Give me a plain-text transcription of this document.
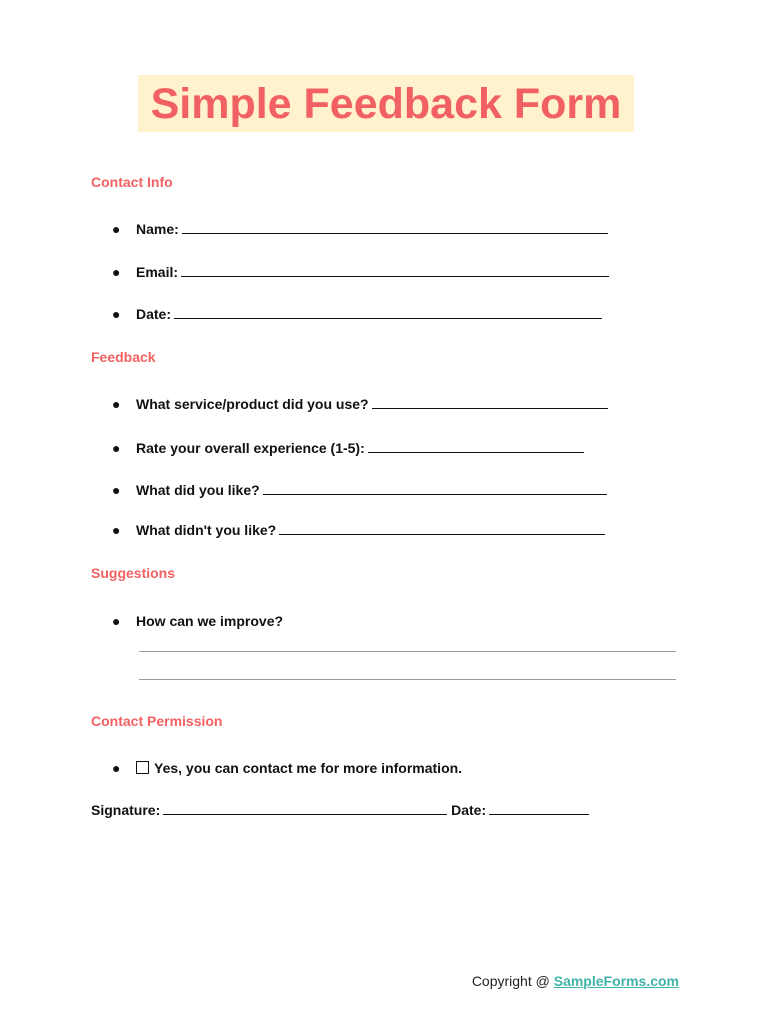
Simple Feedback Form
Contact Info
● Name:
● Email:
● Date:
Feedback
● What service/product did you use?
● Rate your overall experience (1-5):
● What did you like?
● What didn't you like?
Suggestions
● How can we improve?
Contact Permission
● Yes, you can contact me for more information.
Signature:	Date:
Copyright @ SampleForms.com
